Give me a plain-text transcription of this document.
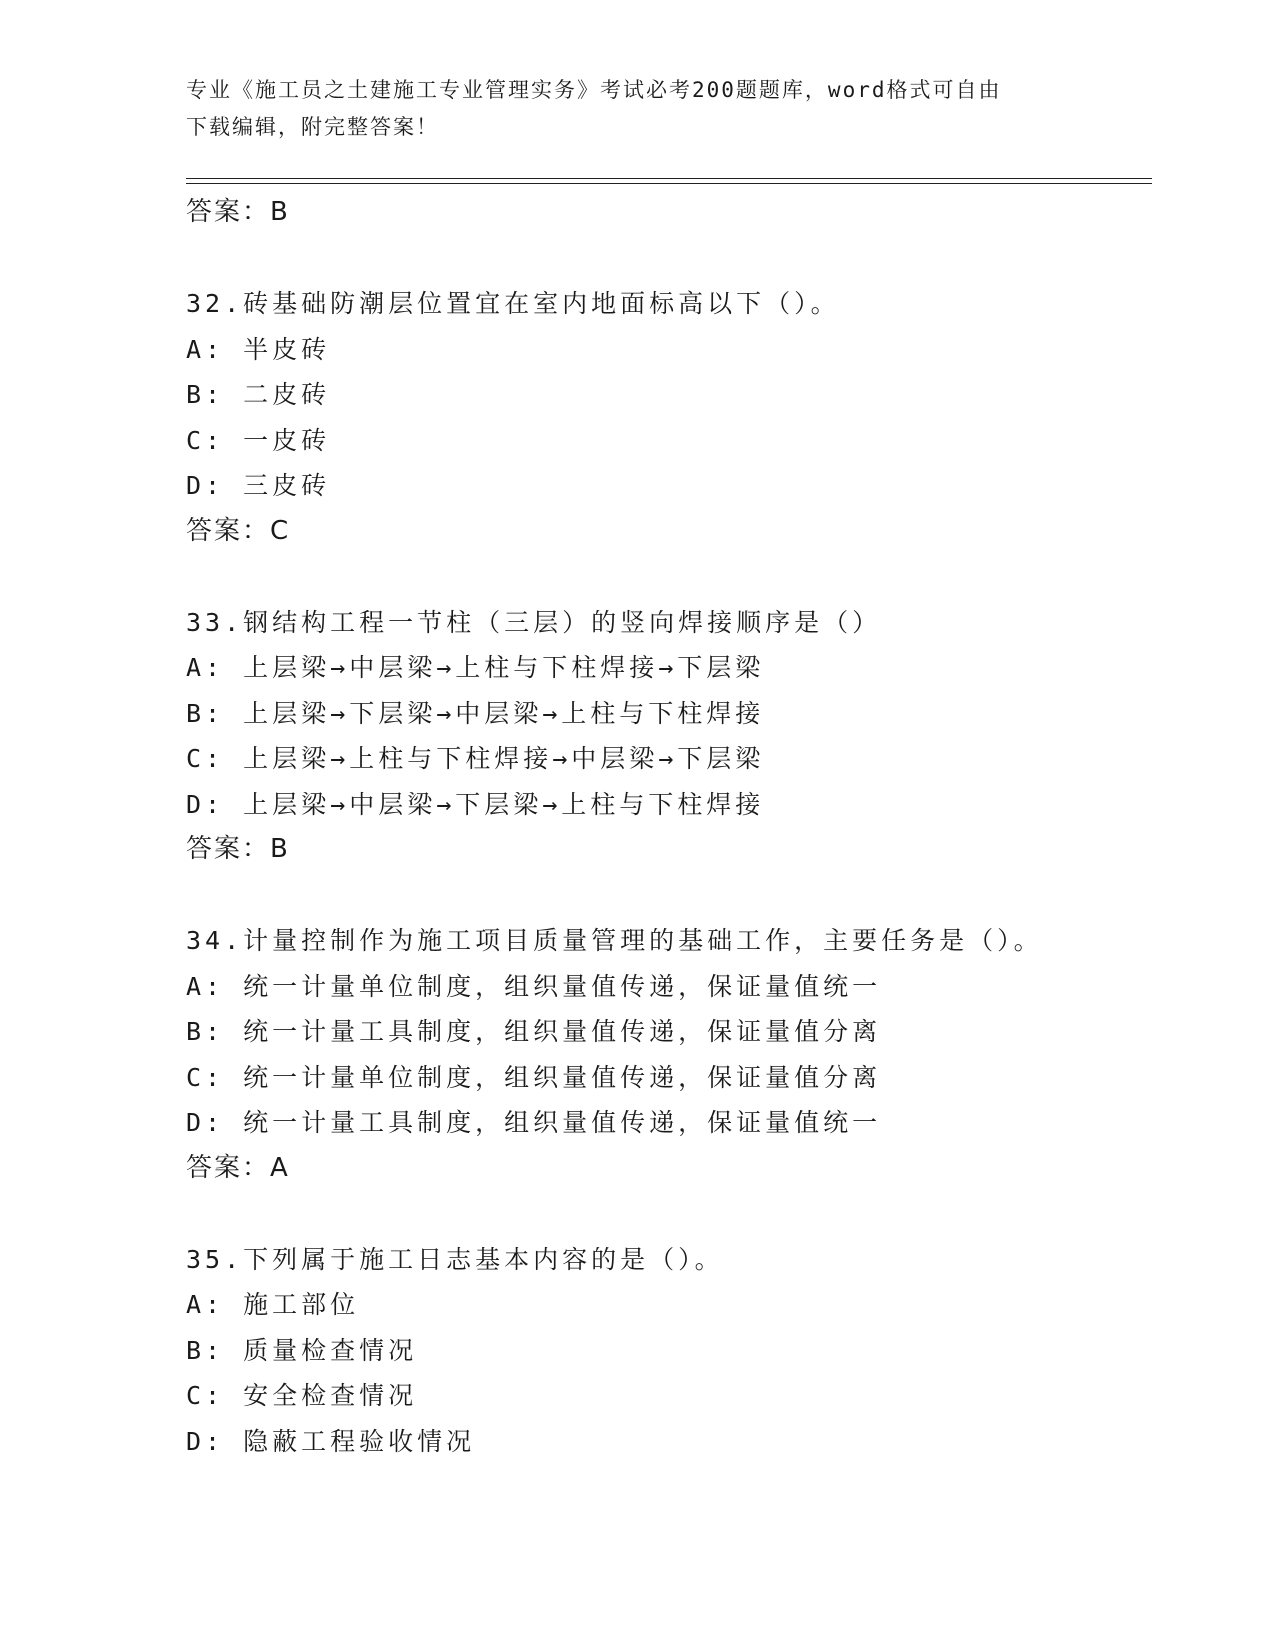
专业《施工员之土建施工专业管理实务》考试必考200题题库，word格式可自由
下载编辑，附完整答案！
答案：B
32.砖基础防潮层位置宜在室内地面标高以下（）。
A: 半皮砖
B: 二皮砖
C: 一皮砖
D: 三皮砖
答案：C
33.钢结构工程一节柱（三层）的竖向焊接顺序是（）
A: 上层梁→中层梁→上柱与下柱焊接→下层梁
B: 上层梁→下层梁→中层梁→上柱与下柱焊接
C: 上层梁→上柱与下柱焊接→中层梁→下层梁
D: 上层梁→中层梁→下层梁→上柱与下柱焊接
答案：B
34.计量控制作为施工项目质量管理的基础工作，主要任务是（）。
A: 统一计量单位制度，组织量值传递，保证量值统一
B: 统一计量工具制度，组织量值传递，保证量值分离
C: 统一计量单位制度，组织量值传递，保证量值分离
D: 统一计量工具制度，组织量值传递，保证量值统一
答案：A
35.下列属于施工日志基本内容的是（）。
A: 施工部位
B: 质量检查情况
C: 安全检查情况
D: 隐蔽工程验收情况
